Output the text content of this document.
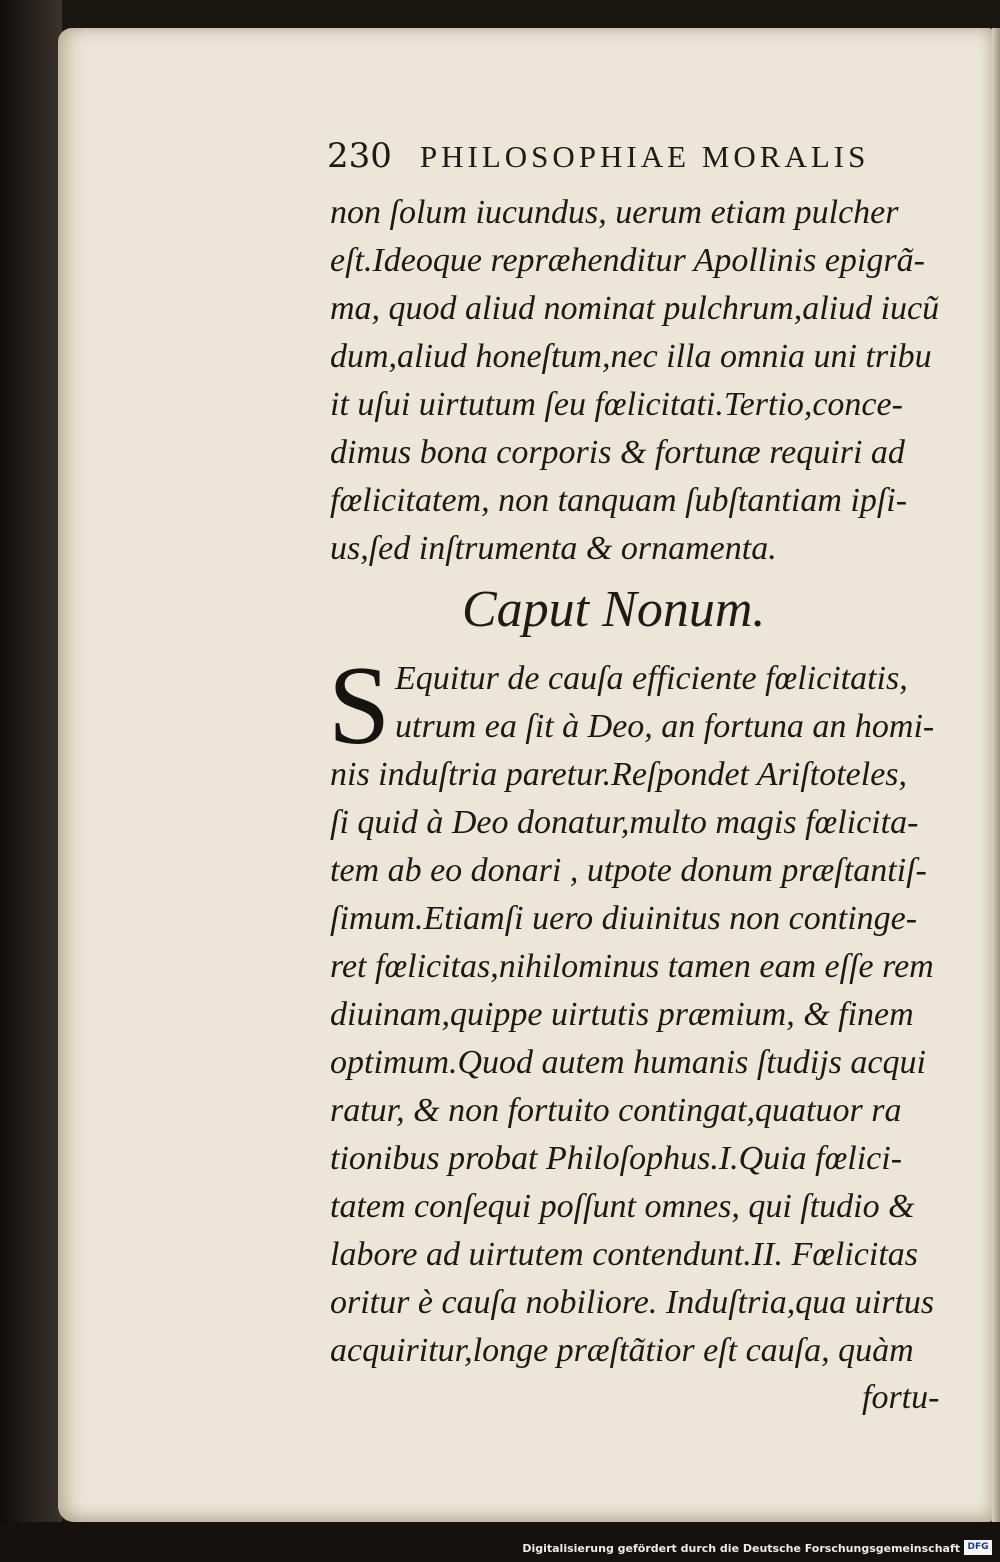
230 PHILOSOPHIAE MORALIS
non ſolum iucundus, uerum etiam pulcher
eſt.Ideoque repræhenditur Apollinis epigrã-
ma, quod aliud nominat pulchrum,aliud iucũ
dum,aliud honeſtum,nec illa omnia uni tribu
it uſui uirtutum ſeu fœlicitati.Tertio,conce-
dimus bona corporis & fortunæ requiri ad
fœlicitatem, non tanquam ſubſtantiam ipſi-
us,ſed inſtrumenta & ornamenta.
Caput Nonum.
S Equitur de cauſa efficiente fœlicitatis,
utrum ea ſit à Deo, an fortuna an homi-
nis induſtria paretur.Reſpondet Ariſtoteles,
ſi quid à Deo donatur,multo magis fœlicita-
tem ab eo donari , utpote donum præſtantiſ-
ſimum.Etiamſi uero diuinitus non continge-
ret fœlicitas,nihilominus tamen eam eſſe rem
diuinam,quippe uirtutis præmium, & finem
optimum.Quod autem humanis ſtudijs acqui
ratur, & non fortuito contingat,quatuor ra
tionibus probat Philoſophus.I.Quia fœlici-
tatem conſequi poſſunt omnes, qui ſtudio &
labore ad uirtutem contendunt.II. Fœlicitas
oritur è cauſa nobiliore. Induſtria,qua uirtus
acquiritur,longe præſtãtior eſt cauſa, quàm
fortu-
Digitalisierung gefördert durch die Deutsche Forschungsgemeinschaft DFG
